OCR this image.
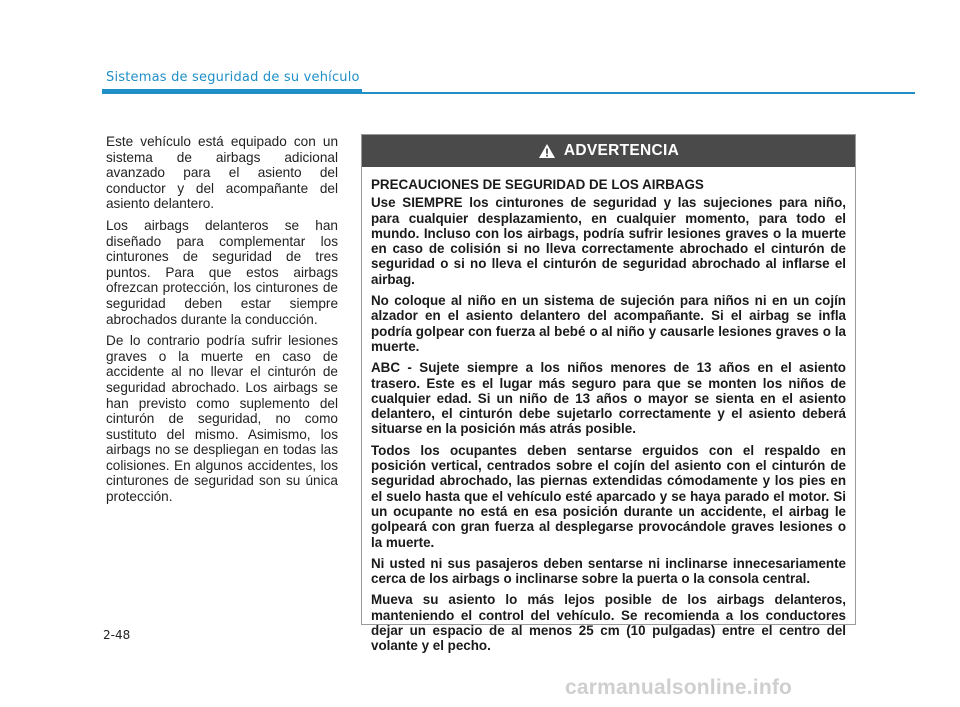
Sistemas de seguridad de su vehículo

Este vehículo está equipado con un sistema de airbags adicional avanzado para el asiento del conductor y del acompañante del asiento delantero.

Los airbags delanteros se han diseñado para complementar los cinturones de seguridad de tres puntos. Para que estos airbags ofrezcan protección, los cinturones de seguridad deben estar siempre abrochados durante la conducción.

De lo contrario podría sufrir lesiones graves o la muerte en caso de accidente al no llevar el cinturón de seguridad abrochado. Los airbags se han previsto como suplemento del cinturón de seguridad, no como sustituto del mismo. Asimismo, los airbags no se despliegan en todas las colisiones. En algunos accidentes, los cinturones de seguridad son su única protección.

ADVERTENCIA

PRECAUCIONES DE SEGURIDAD DE LOS AIRBAGS

Use SIEMPRE los cinturones de seguridad y las sujeciones para niño, para cualquier desplazamiento, en cualquier momento, para todo el mundo. Incluso con los airbags, podría sufrir lesiones graves o la muerte en caso de colisión si no lleva correctamente abrochado el cinturón de seguridad o si no lleva el cinturón de seguridad abrochado al inflarse el airbag.

No coloque al niño en un sistema de sujeción para niños ni en un cojín alzador en el asiento delantero del acompañante. Si el airbag se infla podría golpear con fuerza al bebé o al niño y causarle lesiones graves o la muerte.

ABC - Sujete siempre a los niños menores de 13 años en el asiento trasero. Este es el lugar más seguro para que se monten los niños de cualquier edad. Si un niño de 13 años o mayor se sienta en el asiento delantero, el cinturón debe sujetarlo correctamente y el asiento deberá situarse en la posición más atrás posible.

Todos los ocupantes deben sentarse erguidos con el respaldo en posición vertical, centrados sobre el cojín del asiento con el cinturón de seguridad abrochado, las piernas extendidas cómodamente y los pies en el suelo hasta que el vehículo esté aparcado y se haya parado el motor. Si un ocupante no está en esa posición durante un accidente, el airbag le golpeará con gran fuerza al desplegarse provocándole graves lesiones o la muerte.

Ni usted ni sus pasajeros deben sentarse ni inclinarse innecesariamente cerca de los airbags o inclinarse sobre la puerta o la consola central.

Mueva su asiento lo más lejos posible de los airbags delanteros, manteniendo el control del vehículo. Se recomienda a los conductores dejar un espacio de al menos 25 cm (10 pulgadas) entre el centro del volante y el pecho.

2-48
carmanualsonline.info
